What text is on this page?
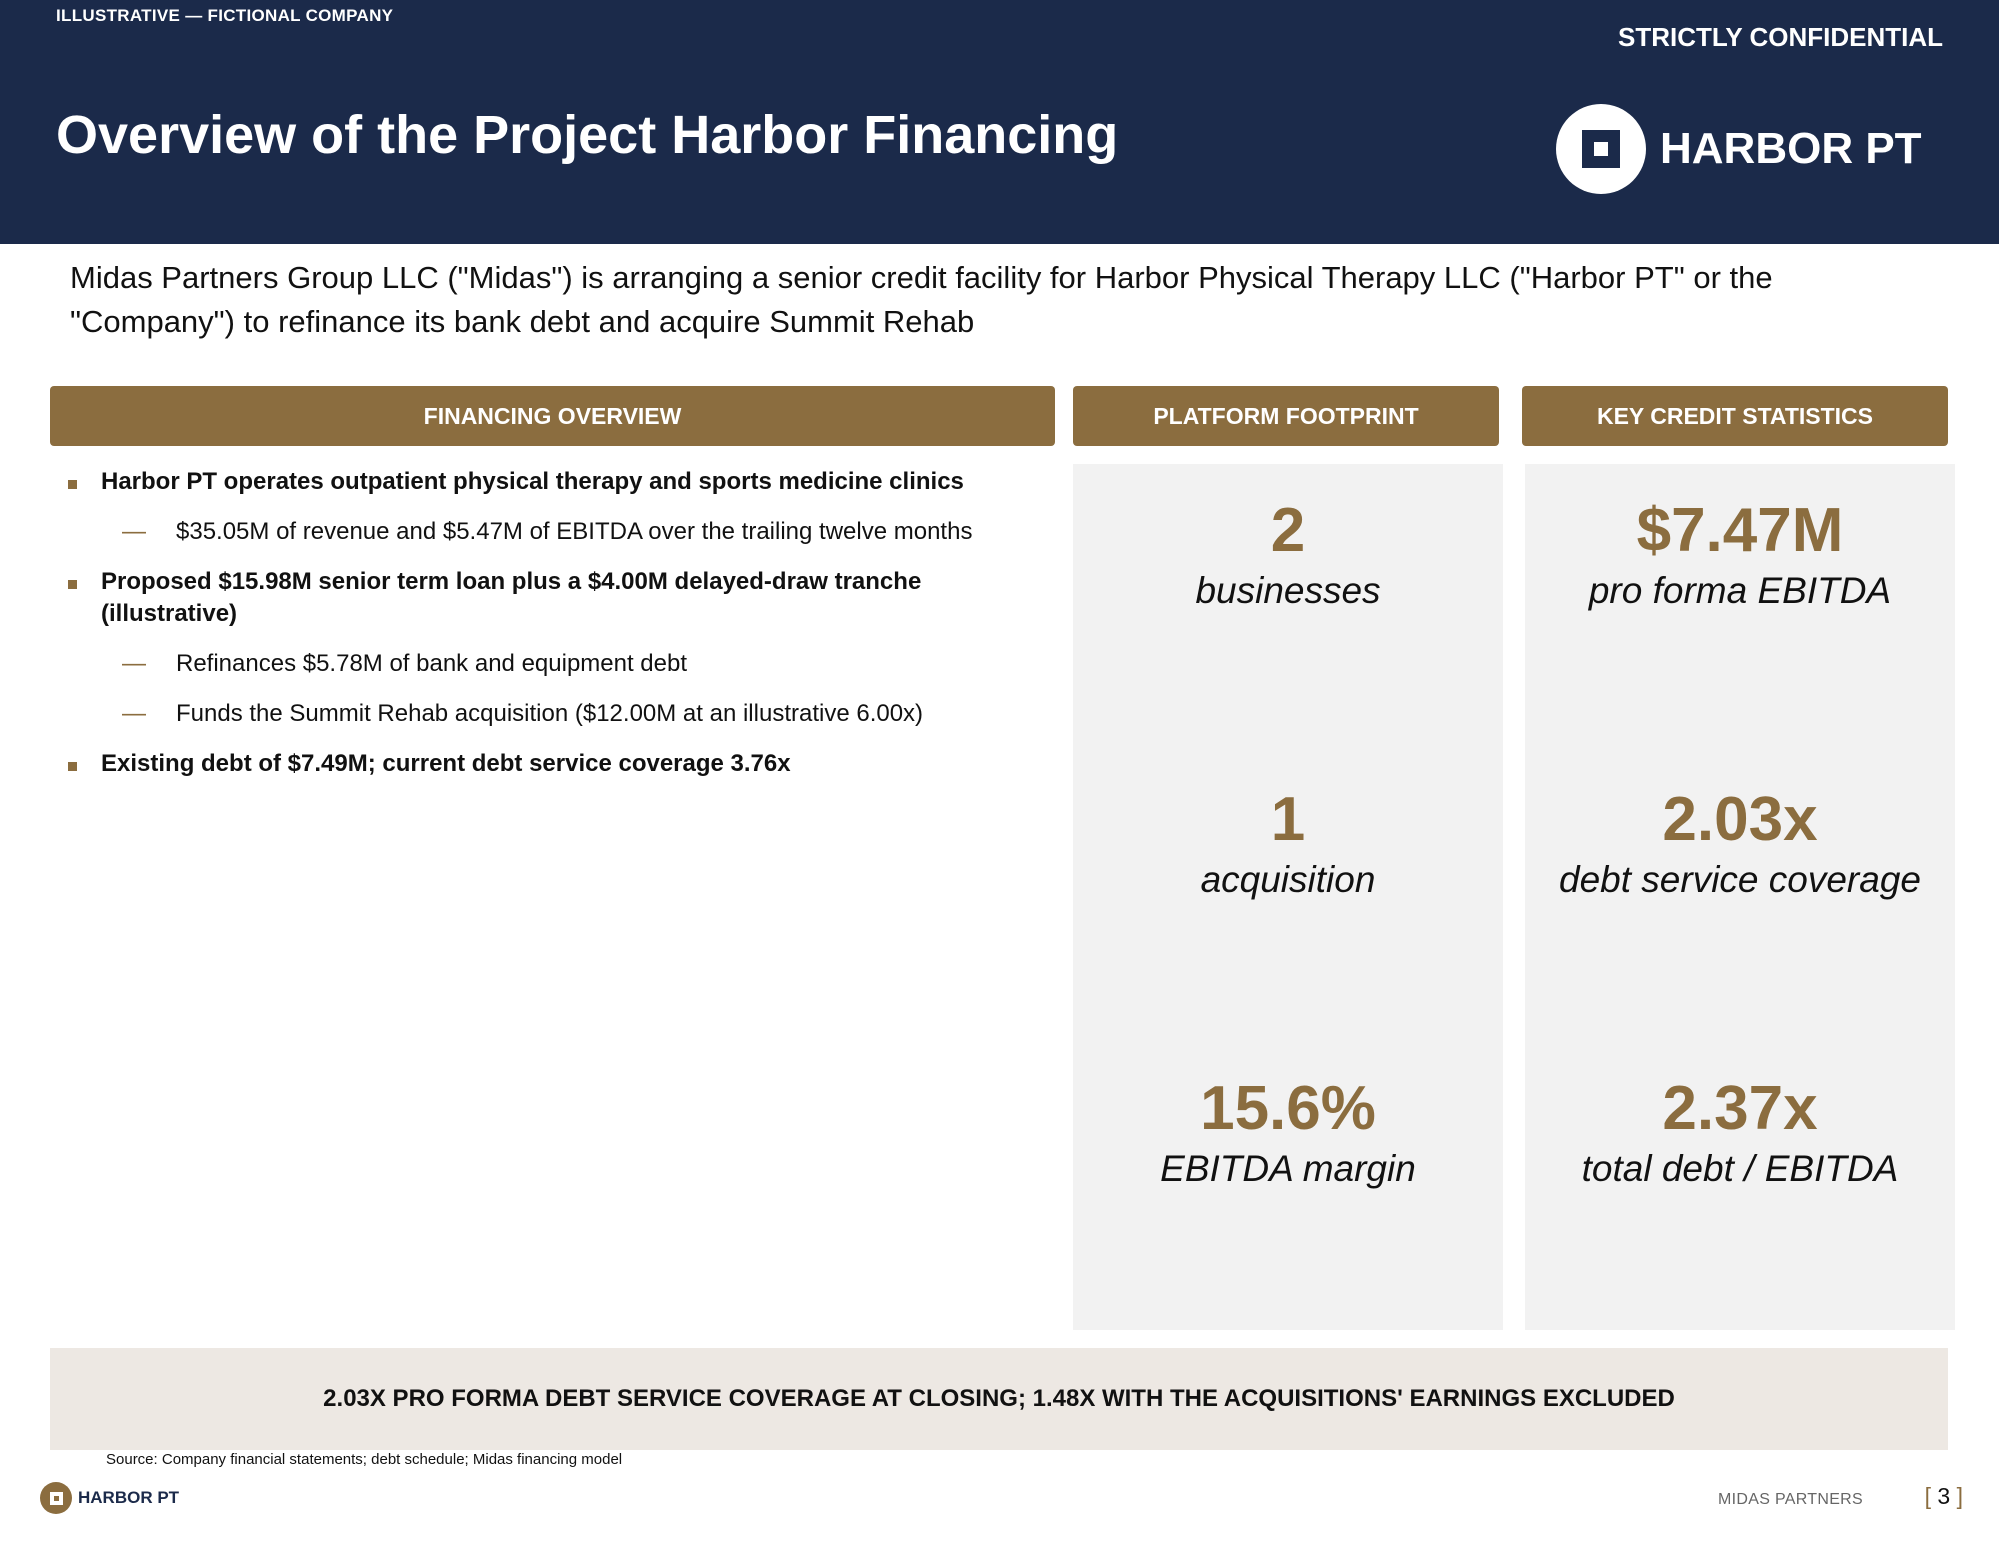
ILLUSTRATIVE — FICTIONAL COMPANY
STRICTLY CONFIDENTIAL
Overview of the Project Harbor Financing	HARBOR PT

Midas Partners Group LLC ("Midas") is arranging a senior credit facility for Harbor Physical Therapy LLC ("Harbor PT" or the "Company") to refinance its bank debt and acquire Summit Rehab

FINANCING OVERVIEW	PLATFORM FOOTPRINT	KEY CREDIT STATISTICS
Harbor PT operates outpatient physical therapy and sports medicine clinics
— $35.05M of revenue and $5.47M of EBITDA over the trailing twelve months
Proposed $15.98M senior term loan plus a $4.00M delayed-draw tranche (illustrative)
— Refinances $5.78M of bank and equipment debt
— Funds the Summit Rehab acquisition ($12.00M at an illustrative 6.00x)
Existing debt of $7.49M; current debt service coverage 3.76x
2
businesses
1
acquisition
15.6%
EBITDA margin
$7.47M
pro forma EBITDA
2.03x
debt service coverage
2.37x
total debt / EBITDA
2.03X PRO FORMA DEBT SERVICE COVERAGE AT CLOSING; 1.48X WITH THE ACQUISITIONS' EARNINGS EXCLUDED
Source: Company financial statements; debt schedule; Midas financing model
HARBOR PT	MIDAS PARTNERS	[ 3 ]
